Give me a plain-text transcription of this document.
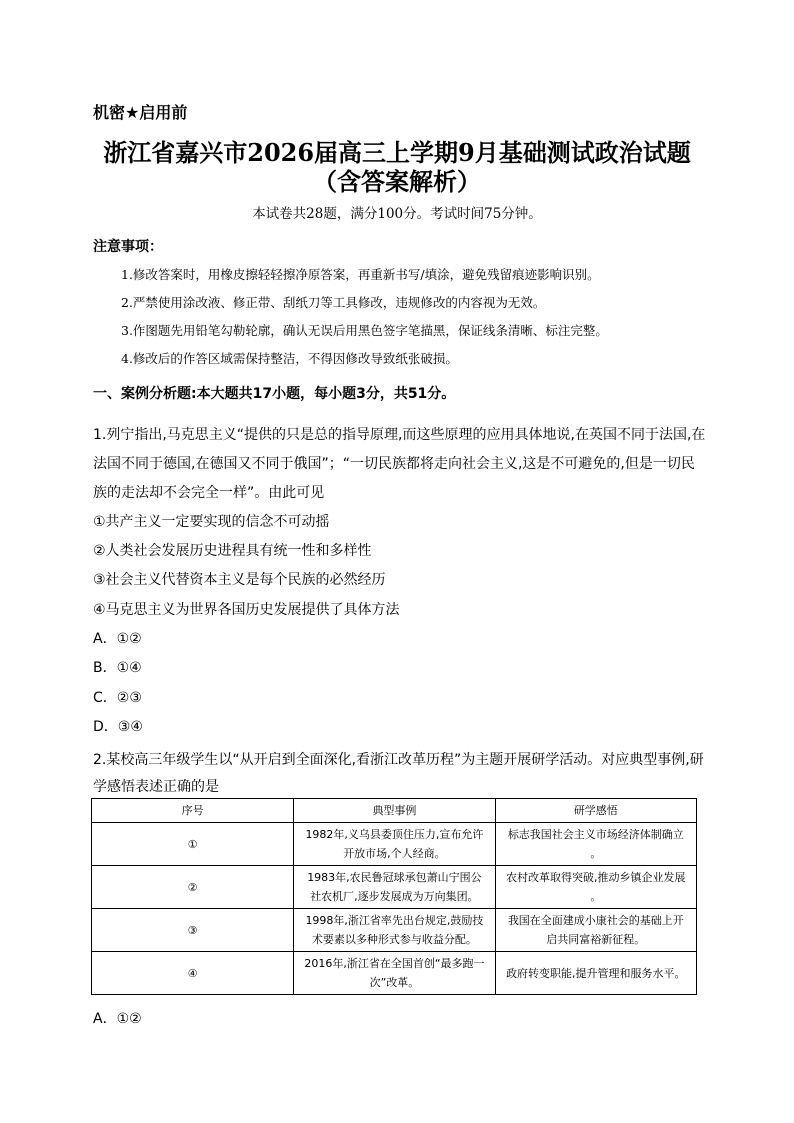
机密★启用前
浙江省嘉兴市2026届高三上学期9月基础测试政治试题
（含答案解析）
本试卷共28题，满分100分。考试时间75分钟。
注意事项：
1.修改答案时，用橡皮擦轻轻擦净原答案，再重新书写/填涂，避免残留痕迹影响识别。
2.严禁使用涂改液、修正带、刮纸刀等工具修改，违规修改的内容视为无效。
3.作图题先用铅笔勾勒轮廓，确认无误后用黑色签字笔描黑，保证线条清晰、标注完整。
4.修改后的作答区域需保持整洁，不得因修改导致纸张破损。
一、案例分析题:本大题共17小题，每小题3分，共51分。
1.列宁指出,马克思主义“提供的只是总的指导原理,而这些原理的应用具体地说,在英国不同于法国,在
法国不同于德国,在德国又不同于俄国”；“一切民族都将走向社会主义,这是不可避免的,但是一切民
族的走法却不会完全一样”。由此可见
①共产主义一定要实现的信念不可动摇
②人类社会发展历史进程具有统一性和多样性
③社会主义代替资本主义是每个民族的必然经历
④马克思主义为世界各国历史发展提供了具体方法
A．①②
B．①④
C．②③
D．③④
2.某校高三年级学生以“从开启到全面深化,看浙江改革历程”为主题开展研学活动。对应典型事例,研
学感悟表述正确的是
序号	典型事例	研学感悟
①	1982年,义乌县委顶住压力,宣布允许
开放市场,个人经商。	标志我国社会主义市场经济体制确立
。
②	1983年,农民鲁冠球承包萧山宁围公
社农机厂,逐步发展成为万向集团。	农村改革取得突破,推动乡镇企业发展
。
③	1998年,浙江省率先出台规定,鼓励技
术要素以多种形式参与收益分配。	我国在全面建成小康社会的基础上开
启共同富裕新征程。
④	2016年,浙江省在全国首创“最多跑一
次”改革。	政府转变职能,提升管理和服务水平。
A．①②
